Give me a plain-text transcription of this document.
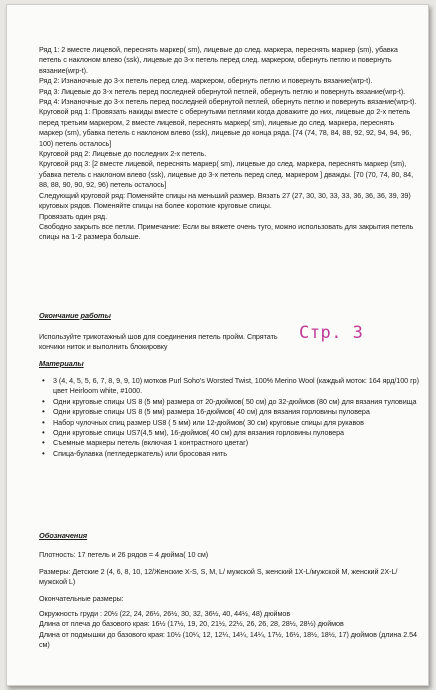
Ряд 1: 2 вместе лицевой, переснять маркер( sm), лицевые до след. маркера, переснять маркер (sm), убавка петель с наклоном влево (ssk), лицевые до 3-х петель перед след. маркером, обернуть петлю и повернуть вязание(wrp-t).

Ряд 2: Изнаночные до 3-х петель перед след. маркером, обернуть петлю и повернуть вязание(wrp-t).

Ряд 3: Лицевые до 3-х петель перед последней обернутой петлей, обернуть петлю и повернуть вязание(wrp-t).

Ряд 4: Изнаночные до 3-х петель перед последней обернутой петлей, обернуть петлю и повернуть вязание(wrp-t).

Круговой ряд 1: Провязать накиды вместе с обернутыми петлями когда доважите до них, лицевые до 2-х петель перед третьим маркером, 2 вместе лицевой, переснять маркер( sm), лицевые до след. маркера, переснять маркер (sm), убавка петель с наклоном влево (ssk), лицевые до конца ряда. [74 (74, 78, 84, 88, 92, 92, 94, 94, 96, 100) петель осталось]

Круговой ряд 2: Лицевые до последних 2-х петель.

Круговой ряд 3: [2 вместе лицевой, переснять маркер( sm), лицевые до след. маркера, переснять маркер (sm), убавка петель с наклоном влево (ssk), лицевые до 3-х петель перед след. маркером ] дважды. [70 (70, 74, 80, 84, 88, 88, 90, 90, 92, 96) петель осталось]

Следующий круговой ряд: Поменяйте спицы на меньший размер. Вязать 27 (27, 30, 30, 33, 33, 36, 36, 36, 39, 39) круговых рядов. Поменяйте спицы на более короткие круговые спицы.

Провязать один ряд.

Свободно закрыть все петли. Примечание: Если вы вяжете очень туго, можно использовать для закрытия петель спицы на 1-2 размера больше.

Стр. 3

Окончание работы

Используйте трикотажный шов для соединения петель пройм. Спрятать кончики ниток и выполнить блокировку

Материалы

• 3 (4, 4, 5, 5, 6, 7, 8, 9, 9, 10) мотков Purl Soho's Worsted Twist, 100% Merino Wool (каждый моток: 164 ярд/100 гр) цвет Heirloom white, #1000.

• Одни круговые спицы US 8 (5 мм) размера от 20-дюймов( 50 см) до 32-дюймов (80 см) для вязания туловища

• Одни круговые спицы US 8 (5 мм) размера 16-дюймов( 40 см) для вязания горловины пуловера

• Набор чулочных спиц размер US8 ( 5 мм) или 12-дюймов( 30 см) круговые спицы для рукавов

• Одни круговые спицы US7(4,5 мм), 16-дюймов( 40 см) для вязания горловины пуловера

• Съемные маркеры петель (включая 1 контрастного цветаг)

• Спица-булавка (петледержатель) или бросовая нить

Обозначения

Плотность: 17 петель и 26 рядов = 4 дюйма( 10 см)

Размеры: Детские 2 (4, 6, 8, 10, 12/Женские X-S, S, M, L/ мужской S, женский 1X-L/мужской M, женский 2X-L/мужской L)

Окончательные размеры:

Окружность груди : 20½ (22, 24, 26½, 26½, 30, 32, 36½, 40, 44½, 48) дюймов

Длина от плеча до базового края: 16½ (17½, 19, 20, 21½, 22½, 26, 26, 28, 28½, 28½) дюймов

Длина от подмышки до базового края: 10½ (10¼, 12, 12¼, 14¼, 14¼, 17½, 16½, 18½, 18½, 17) дюймов (длина 2.54 см)
